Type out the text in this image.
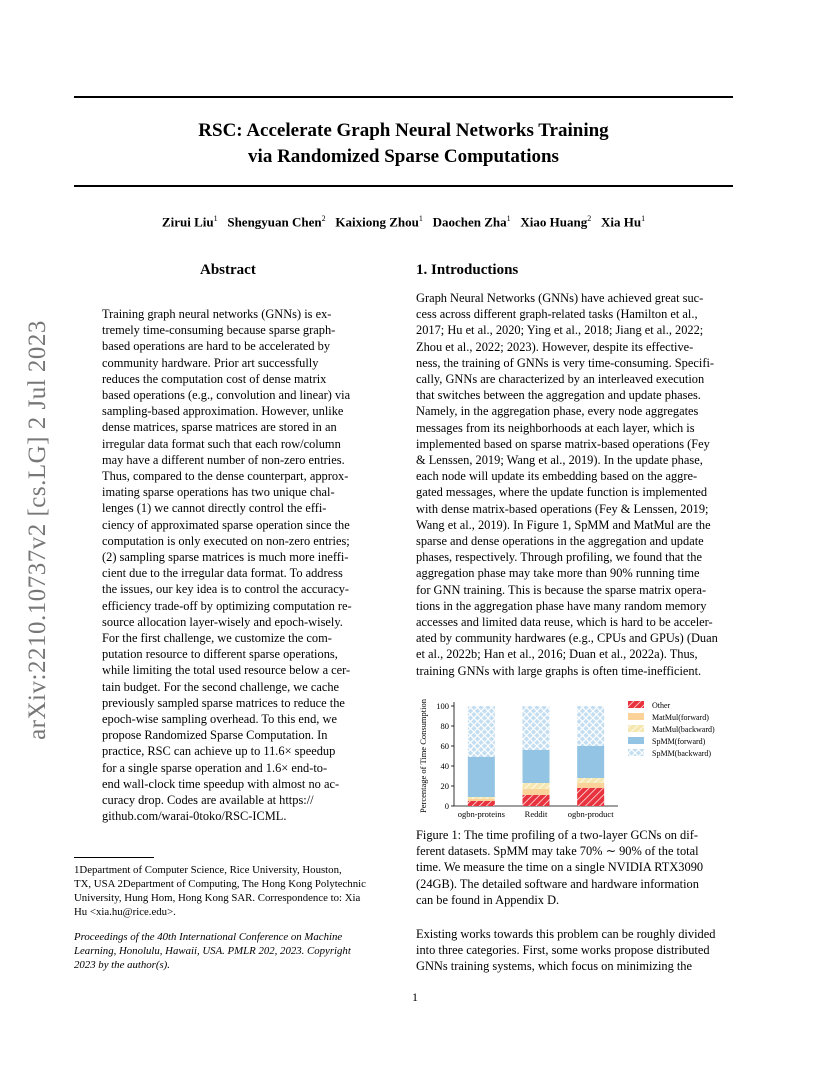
RSC: Accelerate Graph Neural Networks Training
via Randomized Sparse Computations
Zirui Liu$^1$ Shengyuan Chen$^2$ Kaixiong Zhou$^1$ Daochen Zha$^1$ Xiao Huang$^2$ Xia Hu$^1$
arXiv:2210.10737v2 [cs.LG] 2 Jul 2023
Abstract
Training graph neural networks (GNNs) is ex-
tremely time-consuming because sparse graph-
based operations are hard to be accelerated by
community hardware. Prior art successfully
reduces the computation cost of dense matrix
based operations (e.g., convolution and linear) via
sampling-based approximation. However, unlike
dense matrices, sparse matrices are stored in an
irregular data format such that each row/column
may have a different number of non-zero entries.
Thus, compared to the dense counterpart, approx-
imating sparse operations has two unique chal-
lenges (1) we cannot directly control the effi-
ciency of approximated sparse operation since the
computation is only executed on non-zero entries;
(2) sampling sparse matrices is much more ineffi-
cient due to the irregular data format. To address
the issues, our key idea is to control the accuracy-
efficiency trade-off by optimizing computation re-
source allocation layer-wisely and epoch-wisely.
For the first challenge, we customize the com-
putation resource to different sparse operations,
while limiting the total used resource below a cer-
tain budget. For the second challenge, we cache
previously sampled sparse matrices to reduce the
epoch-wise sampling overhead. To this end, we
propose Randomized Sparse Computation. In
practice, RSC can achieve up to 11.6× speedup
for a single sparse operation and 1.6× end-to-
end wall-clock time speedup with almost no ac-
curacy drop. Codes are available at https://
github.com/warai-0toko/RSC-ICML.
1Department of Computer Science, Rice University, Houston,
TX, USA 2Department of Computing, The Hong Kong Polytechnic
University, Hung Hom, Hong Kong SAR. Correspondence to: Xia
Hu <xia.hu@rice.edu>.
Proceedings of the 40th International Conference on Machine
Learning, Honolulu, Hawaii, USA. PMLR 202, 2023. Copyright
2023 by the author(s).
1. Introductions
Graph Neural Networks (GNNs) have achieved great suc-
cess across different graph-related tasks (Hamilton et al.,
2017; Hu et al., 2020; Ying et al., 2018; Jiang et al., 2022;
Zhou et al., 2022; 2023). However, despite its effective-
ness, the training of GNNs is very time-consuming. Specifi-
cally, GNNs are characterized by an interleaved execution
that switches between the aggregation and update phases.
Namely, in the aggregation phase, every node aggregates
messages from its neighborhoods at each layer, which is
implemented based on sparse matrix-based operations (Fey
& Lenssen, 2019; Wang et al., 2019). In the update phase,
each node will update its embedding based on the aggre-
gated messages, where the update function is implemented
with dense matrix-based operations (Fey & Lenssen, 2019;
Wang et al., 2019). In Figure 1, SpMM and MatMul are the
sparse and dense operations in the aggregation and update
phases, respectively. Through profiling, we found that the
aggregation phase may take more than 90% running time
for GNN training. This is because the sparse matrix opera-
tions in the aggregation phase have many random memory
accesses and limited data reuse, which is hard to be acceler-
ated by community hardwares (e.g., CPUs and GPUs) (Duan
et al., 2022b; Han et al., 2016; Duan et al., 2022a). Thus,
training GNNs with large graphs is often time-inefficient.
0
20
40
60
80
100
Percentage of Time Consumption
ogbn-proteins Reddit ogbn-product
Other
MatMul(forward)
MatMul(backward)
SpMM(forward)
SpMM(backward)
Figure 1: The time profiling of a two-layer GCNs on dif-
ferent datasets. SpMM may take 70% ∼ 90% of the total
time. We measure the time on a single NVIDIA RTX3090
(24GB). The detailed software and hardware information
can be found in Appendix D.
Existing works towards this problem can be roughly divided
into three categories. First, some works propose distributed
GNNs training systems, which focus on minimizing the
1
